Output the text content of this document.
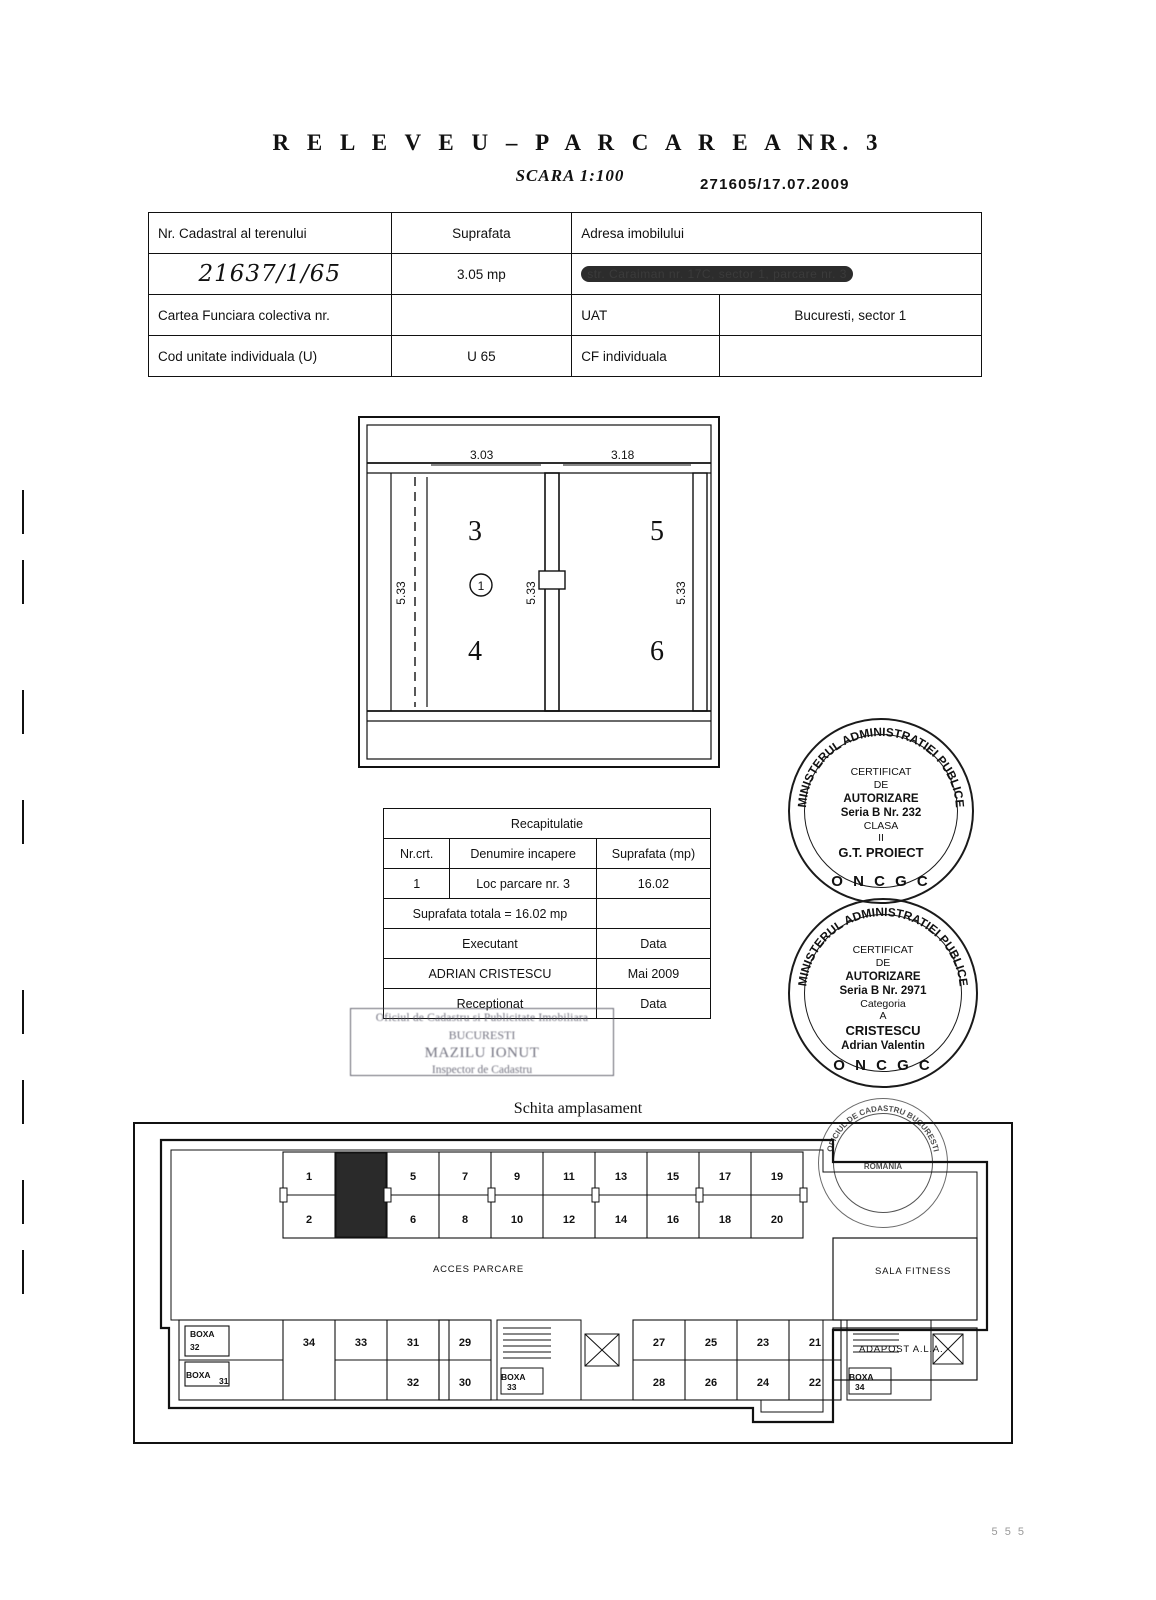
R E L E V E U – P A R C A R E A NR. 3
SCARA 1:100	271605/17.07.2009
Nr. Cadastral al terenului	Suprafata	Adresa imobilului	
21637/1/65	3.05 mp	str. Caraiman nr. 17C, sector 1, parcare nr. 3	
Cartea Funciara colectiva nr.		UAT	Bucuresti, sector 1
Cod unitate individuala (U)	U 65	CF individuala	
3.03	3.18
5.33	5.33	5.33
3
4
5
6
1
Recapitulatie		
Nr.crt.	Denumire incapere	Suprafata (mp)
1	Loc parcare nr. 3	16.02
Suprafata totala = 16.02 mp		
Executant		Data
ADRIAN CRISTESCU		Mai 2009
Receptionat		Data
Oficiul de Cadastru si Publicitate Imobiliara
BUCURESTI
MAZILU IONUT
Inspector de Cadastru
MINISTERUL ADMINISTRATIEI PUBLICE
CERTIFICAT
DE
AUTORIZARE
Seria B Nr. 232
CLASA
II
G.T. PROIECT
O N C G C
MINISTERUL ADMINISTRATIEI PUBLICE
CERTIFICAT
DE
AUTORIZARE
Seria B Nr. 2971
Categoria
A
CRISTESCU
Adrian Valentin
O N C G C
OFICIUL DE CADASTRU BUCURESTI
ROMANIA
Schita amplasament
1
2
5
6
7
8
9
10
11
12
13
14
15
16
17
18
19
20
ACCES PARCARE	SALA FITNESS
ADAPOST A.L.A.
34	33	31
32
29
30
BOXA
32
BOXA
31	BOXA
33
27
28
25
26
23
24
21
22	BOXA
34
5 5 5
